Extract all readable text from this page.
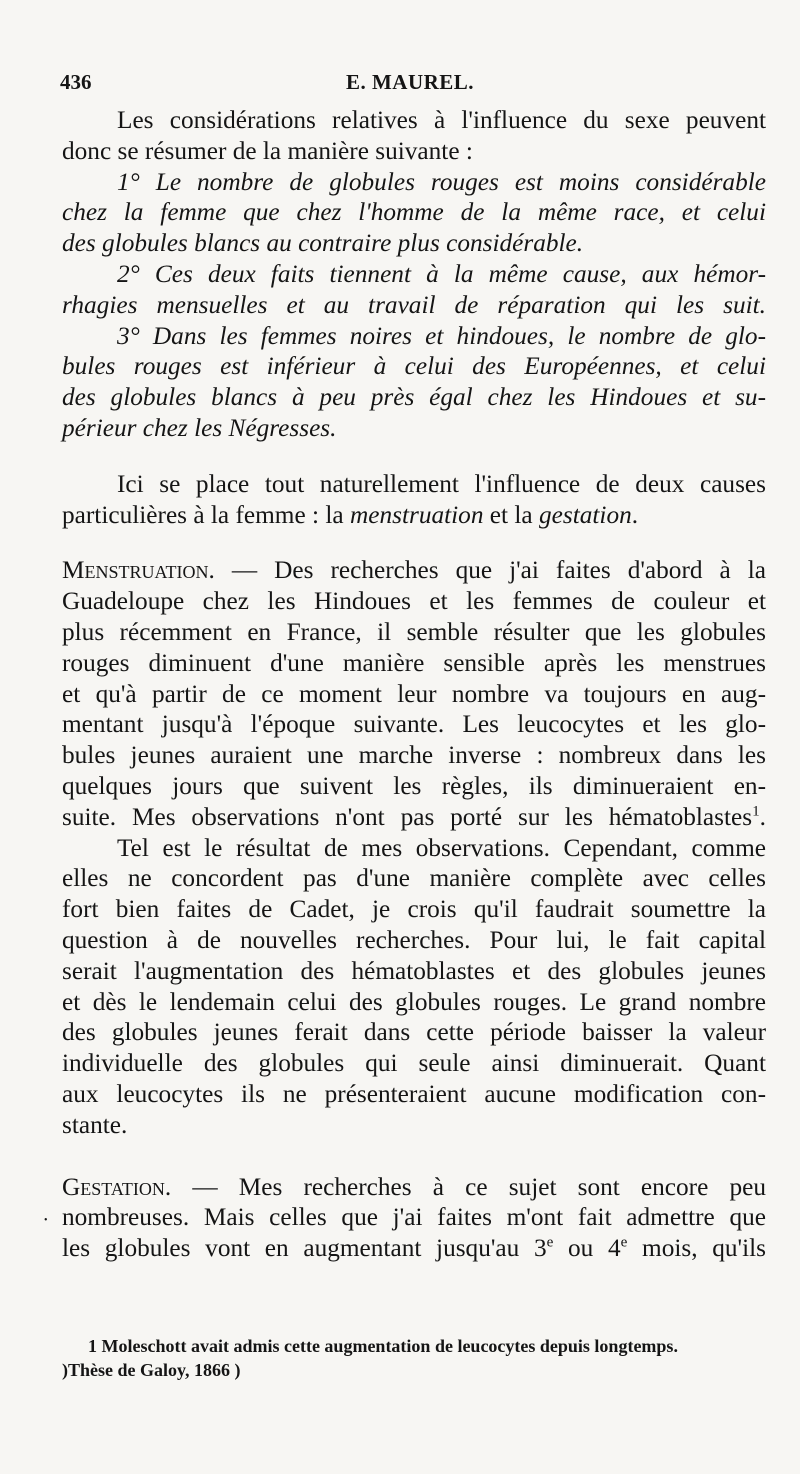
436	E. MAUREL.
Les considérations relatives à l'influence du sexe peuvent
donc se résumer de la manière suivante :
1° Le nombre de globules rouges est moins considérable
chez la femme que chez l'homme de la même race, et celui
des globules blancs au contraire plus considérable.
2° Ces deux faits tiennent à la même cause, aux hémor-
rhagies mensuelles et au travail de réparation qui les suit.
3° Dans les femmes noires et hindoues, le nombre de glo-
bules rouges est inférieur à celui des Européennes, et celui
des globules blancs à peu près égal chez les Hindoues et su-
périeur chez les Négresses.
Ici se place tout naturellement l'influence de deux causes
particulières à la femme : la menstruation et la gestation.
Menstruation. — Des recherches que j'ai faites d'abord à la
Guadeloupe chez les Hindoues et les femmes de couleur et
plus récemment en France, il semble résulter que les globules
rouges diminuent d'une manière sensible après les menstrues
et qu'à partir de ce moment leur nombre va toujours en aug-
mentant jusqu'à l'époque suivante. Les leucocytes et les glo-
bules jeunes auraient une marche inverse : nombreux dans les
quelques jours que suivent les règles, ils diminueraient en-
suite. Mes observations n'ont pas porté sur les hématoblastes$^1$.
Tel est le résultat de mes observations. Cependant, comme
elles ne concordent pas d'une manière complète avec celles
fort bien faites de Cadet, je crois qu'il faudrait soumettre la
question à de nouvelles recherches. Pour lui, le fait capital
serait l'augmentation des hématoblastes et des globules jeunes
et dès le lendemain celui des globules rouges. Le grand nombre
des globules jeunes ferait dans cette période baisser la valeur
individuelle des globules qui seule ainsi diminuerait. Quant
aux leucocytes ils ne présenteraient aucune modification con-
stante.
Gestation. — Mes recherches à ce sujet sont encore peu
nombreuses. Mais celles que j'ai faites m'ont fait admettre que
les globules vont en augmentant jusqu'au 3e ou 4e mois, qu'ils
•
1 Moleschott avait admis cette augmentation de leucocytes depuis longtemps.
)Thèse de Galoy, 1866 )
